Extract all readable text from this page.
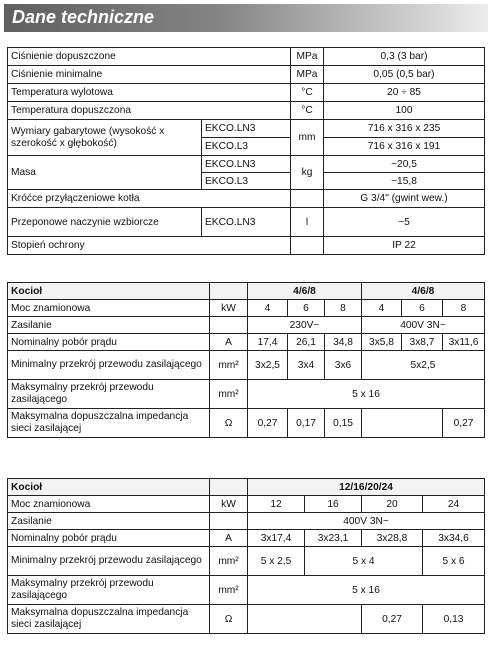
Dane techniczne
Ciśnienie dopuszczone		MPa	0,3 (3 bar)
Ciśnienie minimalne		MPa	0,05 (0,5 bar)
Temperatura wylotowa		°C	20 ÷ 85
Temperatura dopuszczona		°C	100
Wymiary gabarytowe (wysokość x szerokość x głębokość)	EKCO.LN3	mm	716 x 316 x 235
	EKCO.L3		716 x 316 x 191
Masa	EKCO.LN3	kg	~20,5
	EKCO.L3		~15,8
Króćce przyłączeniowe kotła			G 3/4" (gwint wew.)
Przeponowe naczynie wzbiorcze	EKCO.LN3	l	~5
Stopień ochrony			IP 22
Kocioł		4/6/8			4/6/8		
Moc znamionowa	kW	4	6	8	4	6	8
Zasilanie		230V~			400V 3N~		
Nominalny pobór prądu	A	17,4	26,1	34,8	3x5,8	3x8,7	3x11,6
Minimalny przekrój przewodu zasilającego	mm²	3x2,5	3x4	3x6	5x2,5		
Maksymalny przekrój przewodu zasilającego	mm²	5 x 16					
Maksymalna dopuszczalna impedancja sieci zasilającej	Ω	0,27	0,17	0,15			0,27
Kocioł		12/16/20/24			
Moc znamionowa	kW	12	16	20	24
Zasilanie		400V 3N~			
Nominalny pobór prądu	A	3x17,4	3x23,1	3x28,8	3x34,6
Minimalny przekrój przewodu zasilającego	mm²	5 x 2,5	5 x 4		5 x 6
Maksymalny przekrój przewodu zasilającego	mm²	5 x 16			
Maksymalna dopuszczalna impedancja sieci zasilającej	Ω			0,27	0,13
